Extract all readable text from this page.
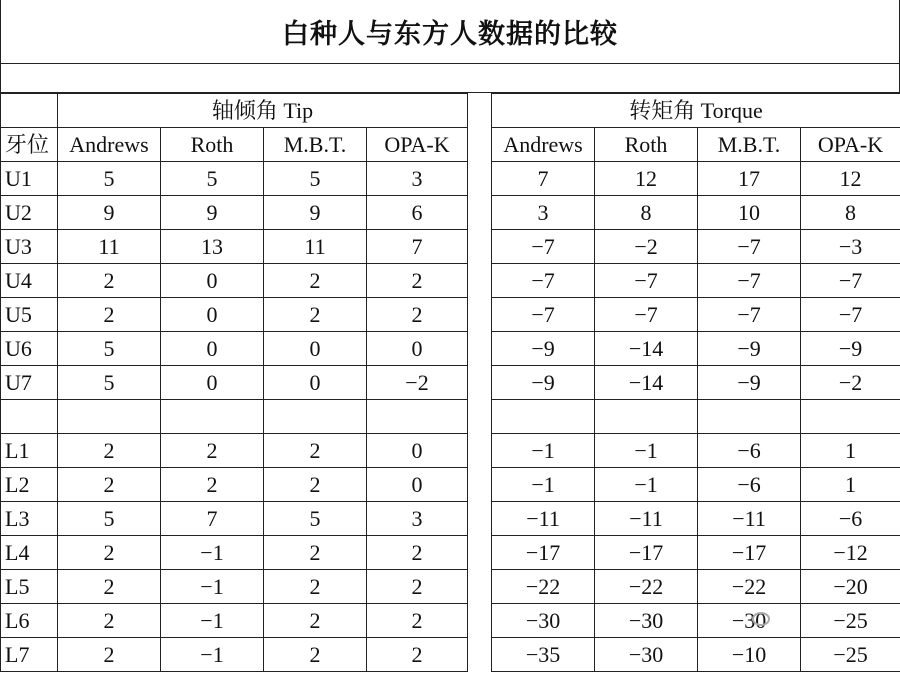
白种人与东方人数据的比较
	轴倾角 Tip					转矩角 Torque			
牙位	Andrews	Roth	M.B.T.	OPA-K		Andrews	Roth	M.B.T.	OPA-K
U1	5	5	5	3		7	12	17	12
U2	9	9	9	6		3	8	10	8
U3	11	13	11	7		−7	−2	−7	−3
U4	2	0	2	2		−7	−7	−7	−7
U5	2	0	2	2		−7	−7	−7	−7
U6	5	0	0	0		−9	−14	−9	−9
U7	5	0	0	−2		−9	−14	−9	−2

L1	2	2	2	0		−1	−1	−6	1
L2	2	2	2	0		−1	−1	−6	1
L3	5	7	5	3		−11	−11	−11	−6
L4	2	−1	2	2		−17	−17	−17	−12
L5	2	−1	2	2		−22	−22	−22	−20
L6	2	−1	2	2		−30	−30	−30	−25
L7	2	−1	2	2		−35	−30	−10	−25
